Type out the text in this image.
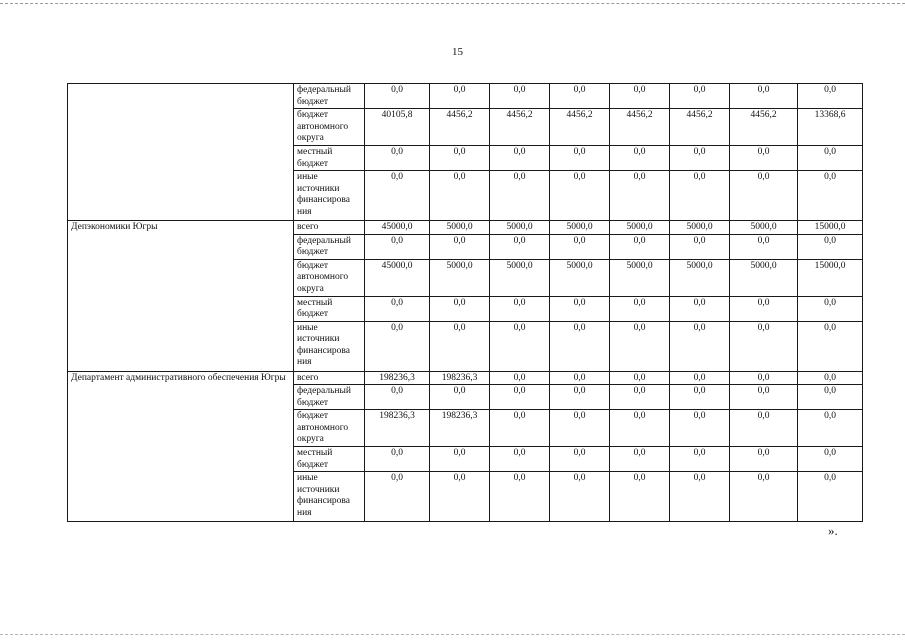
15
	федеральный бюджет	0,0	0,0	0,0	0,0	0,0	0,0	0,0	0,0
	бюджет автономного округа	40105,8	4456,2	4456,2	4456,2	4456,2	4456,2	4456,2	13368,6
	местный бюджет	0,0	0,0	0,0	0,0	0,0	0,0	0,0	0,0
	иные источники финансирова ния	0,0	0,0	0,0	0,0	0,0	0,0	0,0	0,0
Депэкономики Югры	всего	45000,0	5000,0	5000,0	5000,0	5000,0	5000,0	5000,0	15000,0
	федеральный бюджет	0,0	0,0	0,0	0,0	0,0	0,0	0,0	0,0
	бюджет автономного округа	45000,0	5000,0	5000,0	5000,0	5000,0	5000,0	5000,0	15000,0
	местный бюджет	0,0	0,0	0,0	0,0	0,0	0,0	0,0	0,0
	иные источники финансирова ния	0,0	0,0	0,0	0,0	0,0	0,0	0,0	0,0
Департамент административного обеспечения Югры	всего	198236,3	198236,3	0,0	0,0	0,0	0,0	0,0	0,0
	федеральный бюджет	0,0	0,0	0,0	0,0	0,0	0,0	0,0	0,0
	бюджет автономного округа	198236,3	198236,3	0,0	0,0	0,0	0,0	0,0	0,0
	местный бюджет	0,0	0,0	0,0	0,0	0,0	0,0	0,0	0,0
	иные источники финансирова ния	0,0	0,0	0,0	0,0	0,0	0,0	0,0	0,0
».
